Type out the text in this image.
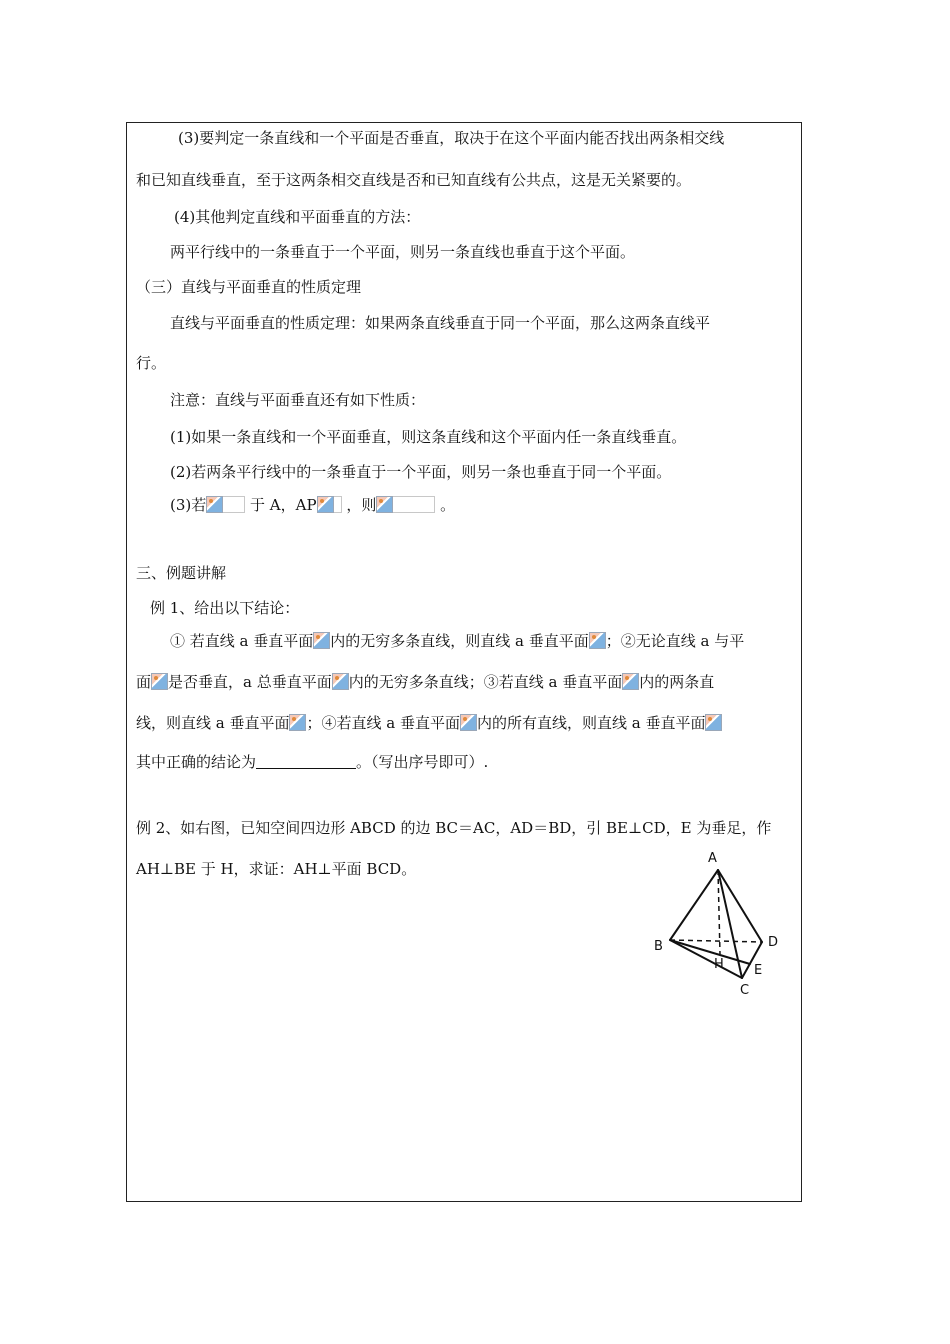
(3)要判定一条直线和一个平面是否垂直，取决于在这个平面内能否找出两条相交线
和已知直线垂直，至于这两条相交直线是否和已知直线有公共点，这是无关紧要的。
(4)其他判定直线和平面垂直的方法：
两平行线中的一条垂直于一个平面，则另一条直线也垂直于这个平面。
（三）直线与平面垂直的性质定理
直线与平面垂直的性质定理：如果两条直线垂直于同一个平面，那么这两条直线平
行。
注意：直线与平面垂直还有如下性质：
(1)如果一条直线和一个平面垂直，则这条直线和这个平面内任一条直线垂直。
(2)若两条平行线中的一条垂直于一个平面，则另一条也垂直于同一个平面。
(3)若	于 A，AP ，则	。
三、例题讲解
例 1、给出以下结论：
① 若直线 a 垂直平面 内的无穷多条直线，则直线 a 垂直平面 ；②无论直线 a 与平
面 是否垂直，a 总垂直平面 内的无穷多条直线；③若直线 a 垂直平面 内的两条直
线，则直线 a 垂直平面 ；④若直线 a 垂直平面 内的所有直线，则直线 a 垂直平面
其中正确的结论为	。（写出序号即可）.
例 2、如右图，已知空间四边形 ABCD 的边 BC＝AC，AD＝BD，引 BE⊥CD，E 为垂足，作
AH⊥BE 于 H，求证：AH⊥平面 BCD。
A
B	D
H E
C
